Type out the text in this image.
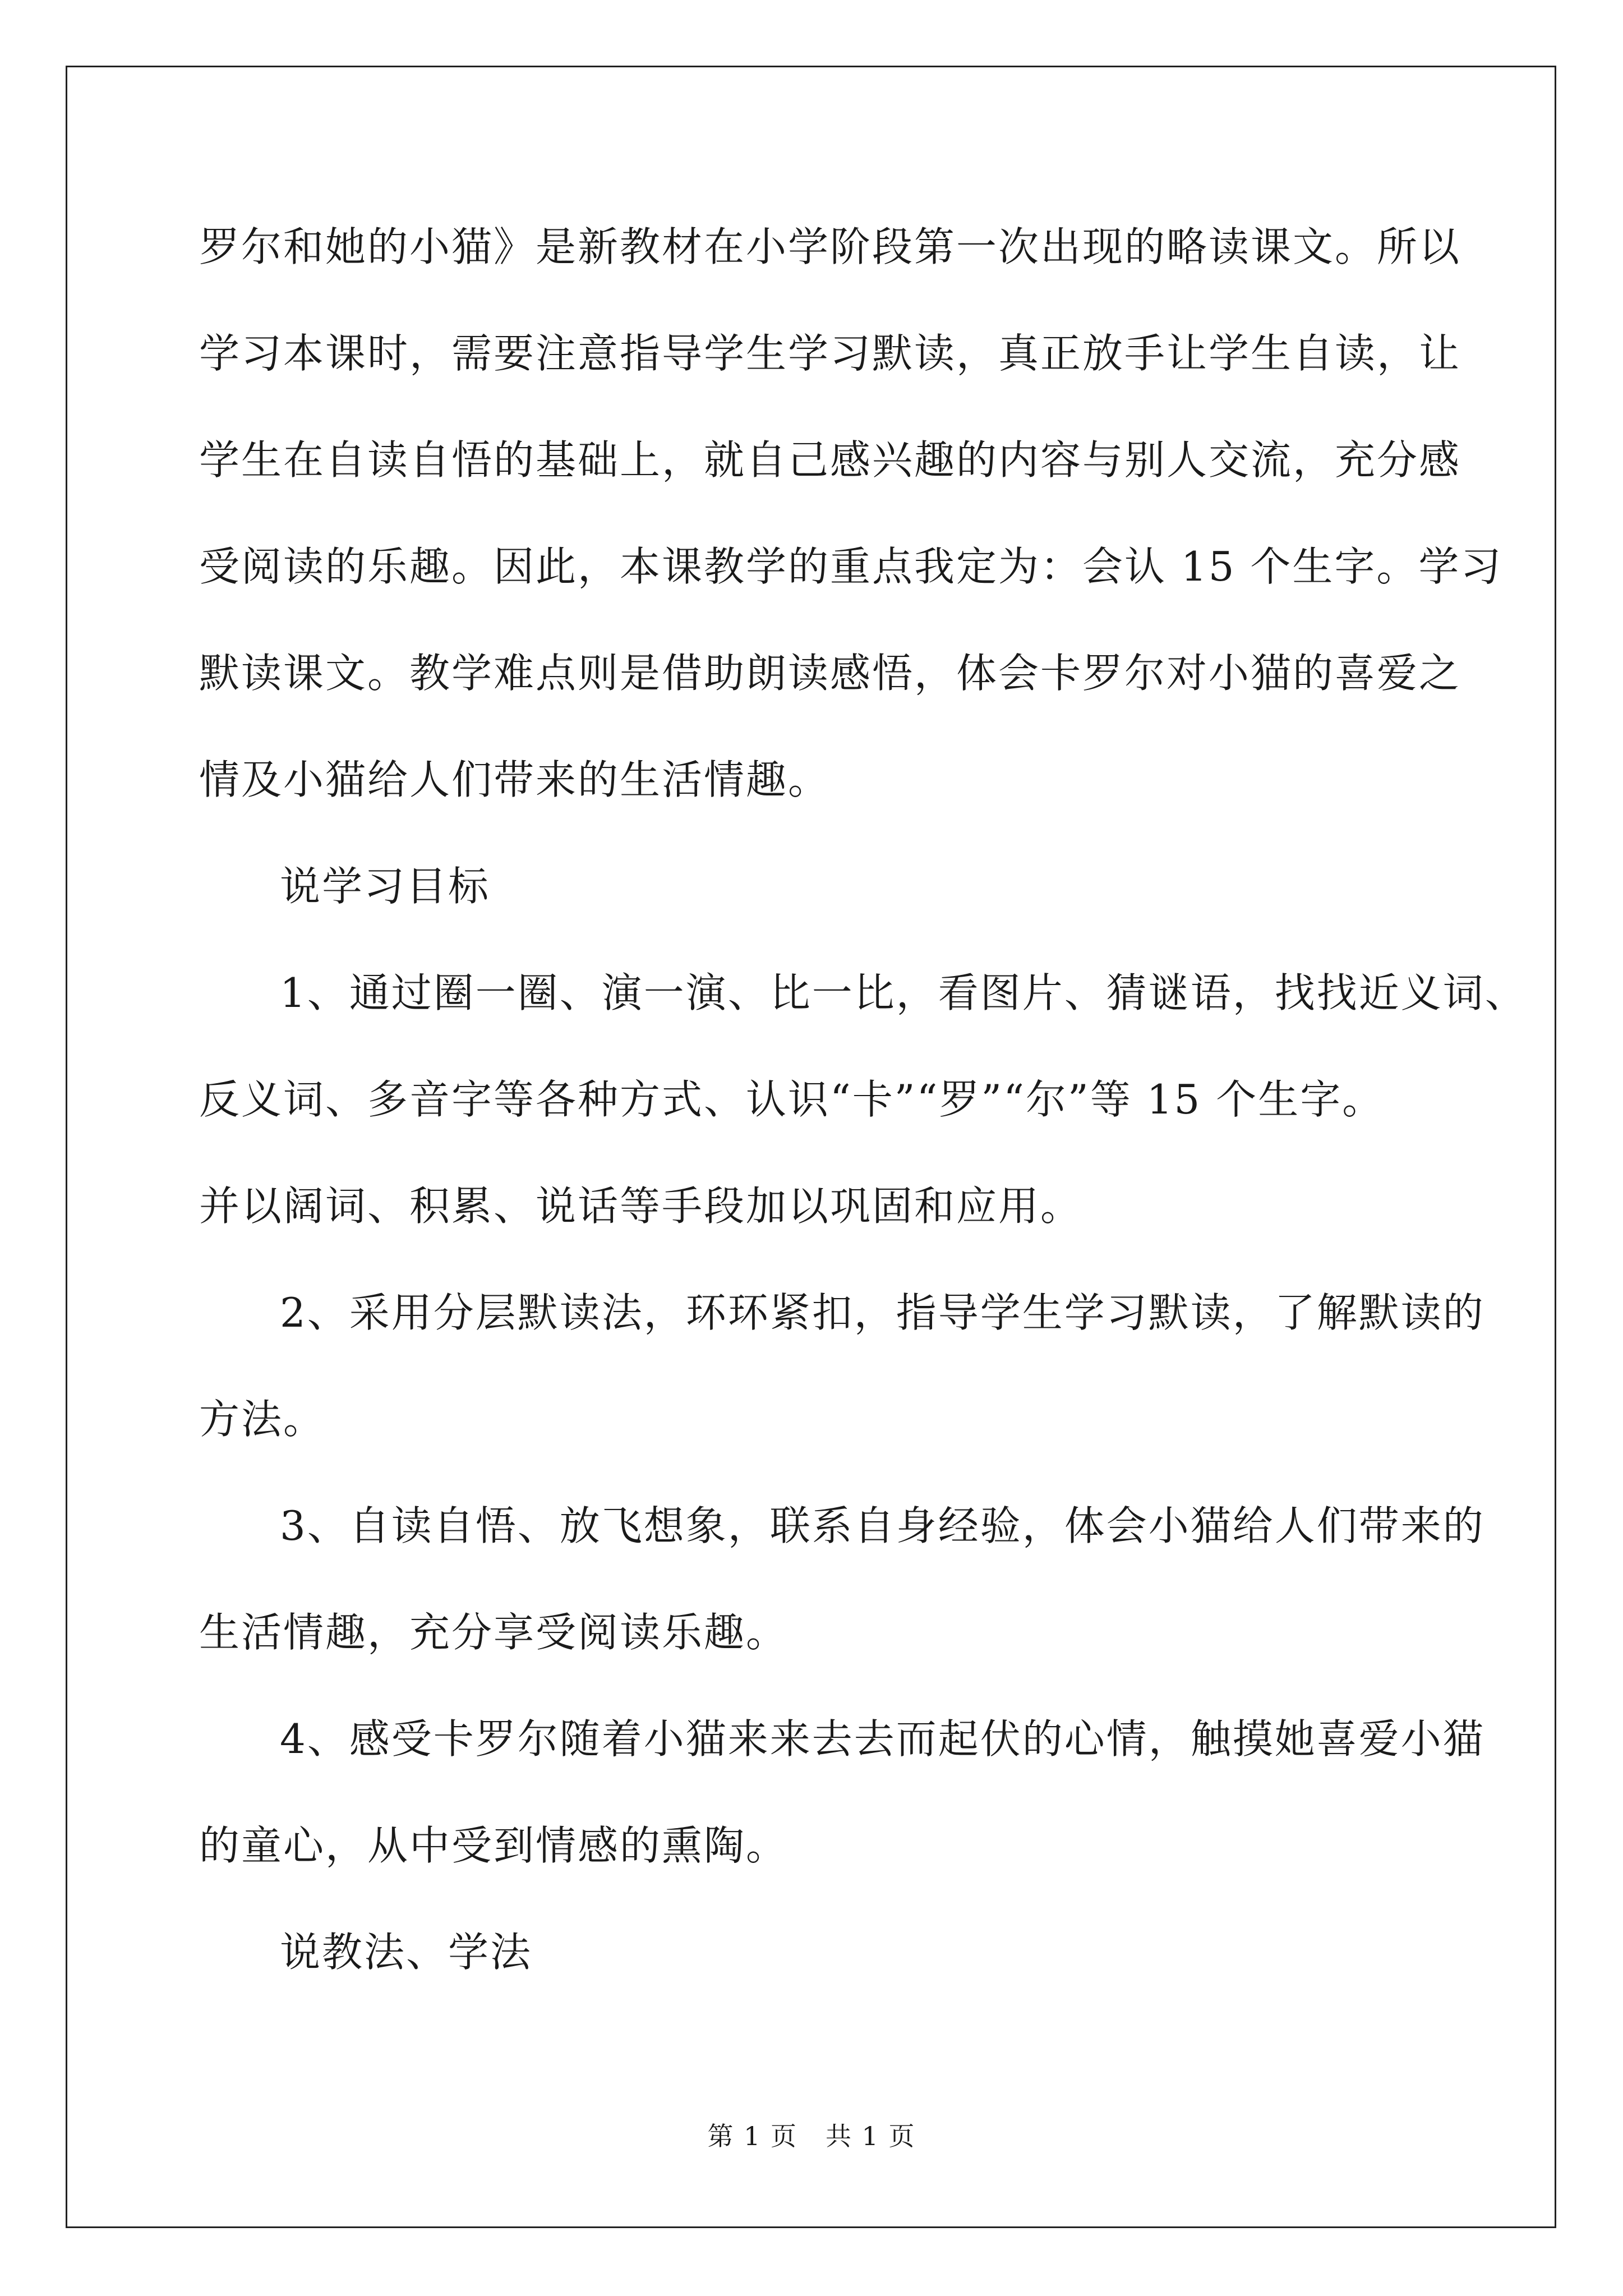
罗尔和她的小猫》是新教材在小学阶段第一次出现的略读课文。所以
学习本课时，需要注意指导学生学习默读，真正放手让学生自读，让
学生在自读自悟的基础上，就自己感兴趣的内容与别人交流，充分感
受阅读的乐趣。因此，本课教学的重点我定为：会认 15 个生字。学习
默读课文。教学难点则是借助朗读感悟，体会卡罗尔对小猫的喜爱之
情及小猫给人们带来的生活情趣。
说学习目标
1、通过圈一圈、演一演、比一比，看图片、猜谜语，找找近义词、
反义词、多音字等各种方式、认识“卡”“罗”“尔”等 15 个生字。
并以阔词、积累、说话等手段加以巩固和应用。
2、采用分层默读法，环环紧扣，指导学生学习默读，了解默读的
方法。
3、自读自悟、放飞想象，联系自身经验，体会小猫给人们带来的
生活情趣，充分享受阅读乐趣。
4、感受卡罗尔随着小猫来来去去而起伏的心情，触摸她喜爱小猫
的童心，从中受到情感的熏陶。
说教法、学法
第 1 页 共 1 页
